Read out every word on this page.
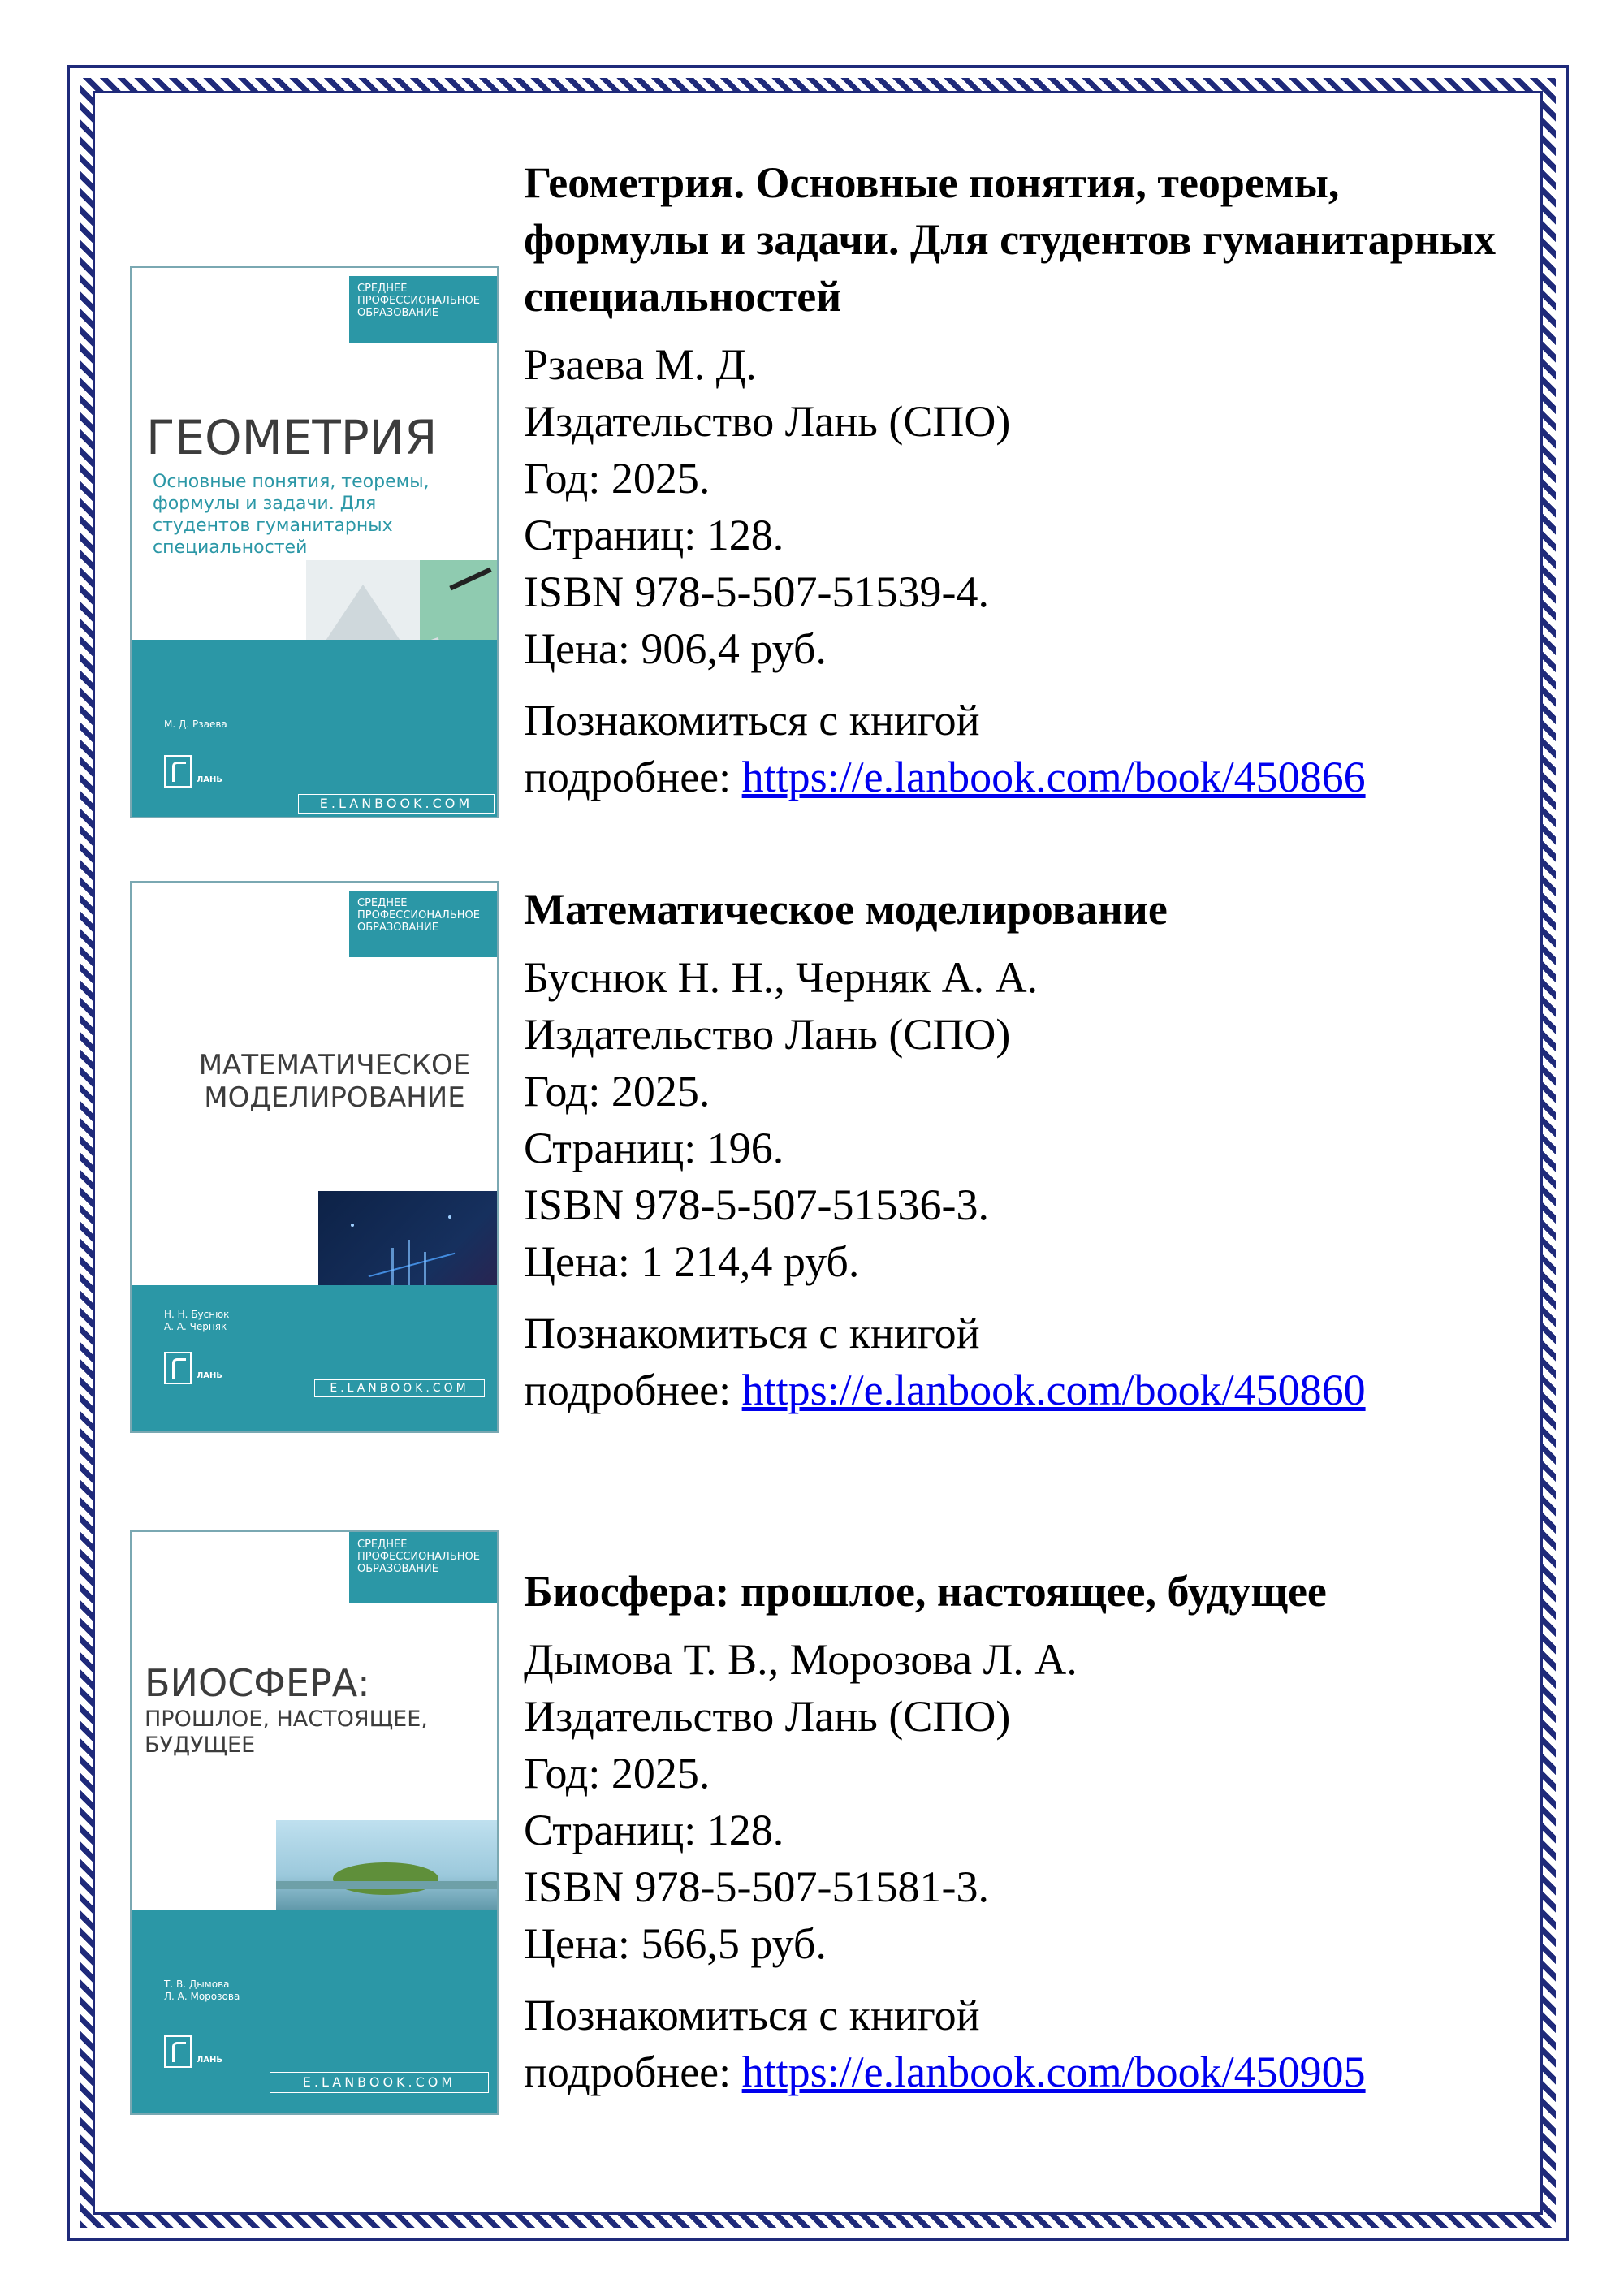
СРЕДНЕЕ ПРОФЕССИОНАЛЬНОЕ ОБРАЗОВАНИЕ
ГЕОМЕТРИЯ
Основные понятия, теоремы, формулы и задачи. Для студентов гуманитарных специальностей
М. Д. Рзаева
ЛАНЬ
E.LANBOOK.COM
Геометрия. Основные понятия, теоремы, формулы и задачи. Для студентов гуманитарных специальностей
Рзаева М. Д.
Издательство Лань (СПО)
Год: 2025.
Страниц: 128.
ISBN 978-5-507-51539-4.
Цена: 906,4 руб.
Познакомиться с книгой
подробнее: https://e.lanbook.com/book/450866
СРЕДНЕЕ ПРОФЕССИОНАЛЬНОЕ ОБРАЗОВАНИЕ
МАТЕМАТИЧЕСКОЕ МОДЕЛИРОВАНИЕ
Н. Н. Буснюк
А. А. Черняк
ЛАНЬ
E.LANBOOK.COM
Математическое моделирование
Буснюк Н. Н., Черняк А. А.
Издательство Лань (СПО)
Год: 2025.
Страниц: 196.
ISBN 978-5-507-51536-3.
Цена: 1 214,4 руб.
Познакомиться с книгой
подробнее: https://e.lanbook.com/book/450860
СРЕДНЕЕ ПРОФЕССИОНАЛЬНОЕ ОБРАЗОВАНИЕ
БИОСФЕРА:
ПРОШЛОЕ, НАСТОЯЩЕЕ, БУДУЩЕЕ
Т. В. Дымова
Л. А. Морозова
ЛАНЬ
E.LANBOOK.COM
Биосфера: прошлое, настоящее, будущее
Дымова Т. В., Морозова Л. А.
Издательство Лань (СПО)
Год: 2025.
Страниц: 128.
ISBN 978-5-507-51581-3.
Цена: 566,5 руб.
Познакомиться с книгой
подробнее: https://e.lanbook.com/book/450905
